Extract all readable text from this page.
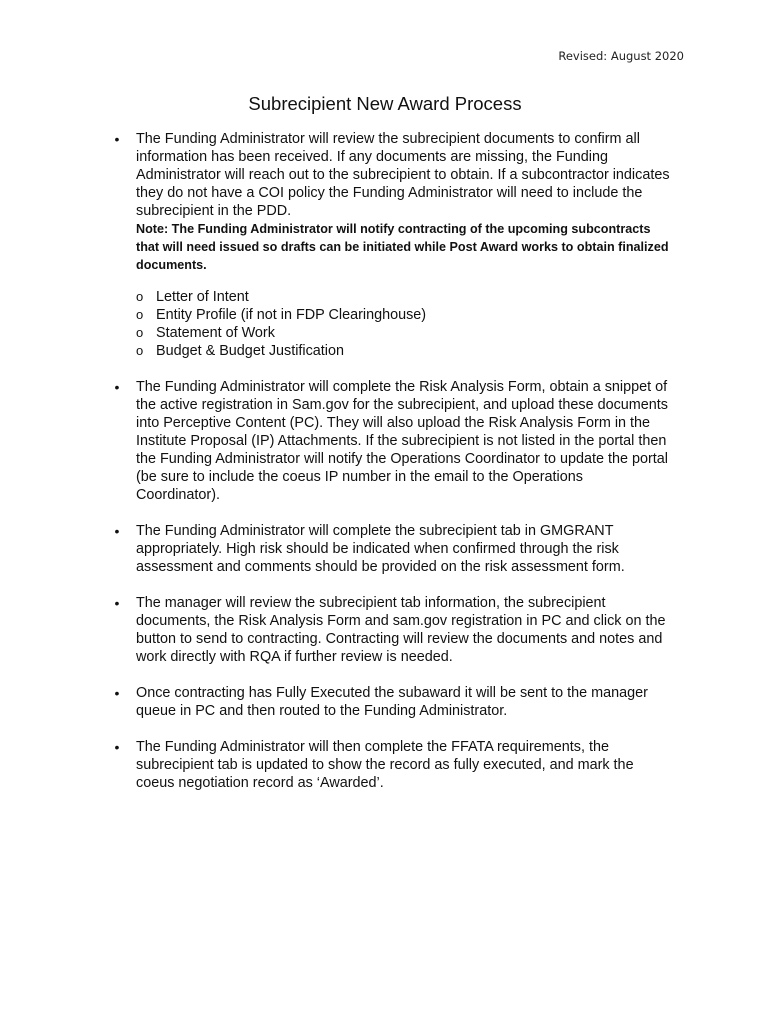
Revised: August 2020
Subrecipient New Award Process
•	The Funding Administrator will review the subrecipient documents to confirm all information has been received. If any documents are missing, the Funding Administrator will reach out to the subrecipient to obtain. If a subcontractor indicates they do not have a COI policy the Funding Administrator will need to include the subrecipient in the PDD.
Note: The Funding Administrator will notify contracting of the upcoming subcontracts that will need issued so drafts can be initiated while Post Award works to obtain finalized documents.
o Letter of Intent
o Entity Profile (if not in FDP Clearinghouse)
o Statement of Work
o Budget & Budget Justification
•	The Funding Administrator will complete the Risk Analysis Form, obtain a snippet of the active registration in Sam.gov for the subrecipient, and upload these documents into Perceptive Content (PC). They will also upload the Risk Analysis Form in the Institute Proposal (IP) Attachments. If the subrecipient is not listed in the portal then the Funding Administrator will notify the Operations Coordinator to update the portal (be sure to include the coeus IP number in the email to the Operations Coordinator).
•	The Funding Administrator will complete the subrecipient tab in GMGRANT appropriately. High risk should be indicated when confirmed through the risk assessment and comments should be provided on the risk assessment form.
•	The manager will review the subrecipient tab information, the subrecipient documents, the Risk Analysis Form and sam.gov registration in PC and click on the button to send to contracting. Contracting will review the documents and notes and work directly with RQA if further review is needed.
•	Once contracting has Fully Executed the subaward it will be sent to the manager queue in PC and then routed to the Funding Administrator.
•	The Funding Administrator will then complete the FFATA requirements, the subrecipient tab is updated to show the record as fully executed, and mark the coeus negotiation record as ‘Awarded’.
